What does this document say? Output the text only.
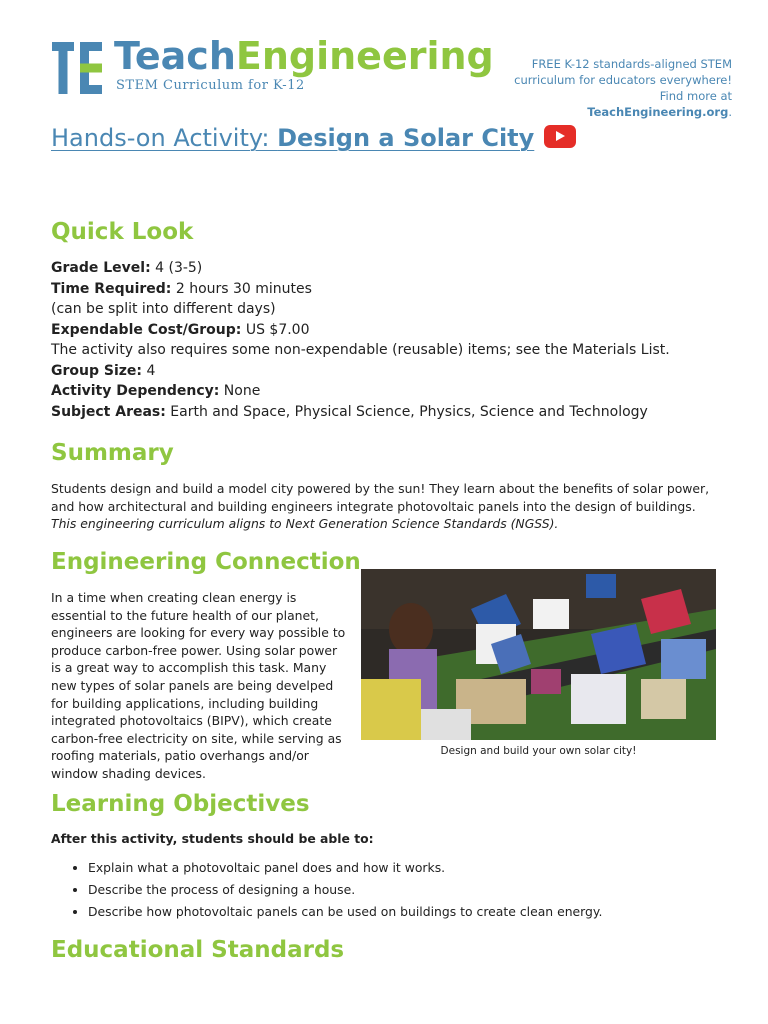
TeachEngineering
STEM Curriculum for K-12
FREE K-12 standards-aligned STEM
curriculum for educators everywhere!
Find more at TeachEngineering.org.
Hands-on Activity: Design a Solar City
Quick Look
Grade Level: 4 (3-5)
Time Required: 2 hours 30 minutes
(can be split into different days)
Expendable Cost/Group: US $7.00
The activity also requires some non-expendable (reusable) items; see the Materials List.
Group Size: 4
Activity Dependency: None
Subject Areas: Earth and Space, Physical Science, Physics, Science and Technology
Summary
Students design and build a model city powered by the sun! They learn about the benefits of solar power, and how architectural and building engineers integrate photovoltaic panels into the design of buildings.
This engineering curriculum aligns to Next Generation Science Standards (NGSS).
Engineering Connection
In a time when creating clean energy is essential to the future health of our planet, engineers are looking for every way possible to produce carbon-free power. Using solar power is a great way to accomplish this task. Many new types of solar panels are being develped for building applications, including building integrated photovoltaics (BIPV), which create carbon-free electricity on site, while serving as roofing materials, patio overhangs and/or window shading devices.
Design and build your own solar city!
Learning Objectives
After this activity, students should be able to:
• Explain what a photovoltaic panel does and how it works.
• Describe the process of designing a house.
• Describe how photovoltaic panels can be used on buildings to create clean energy.
Educational Standards
